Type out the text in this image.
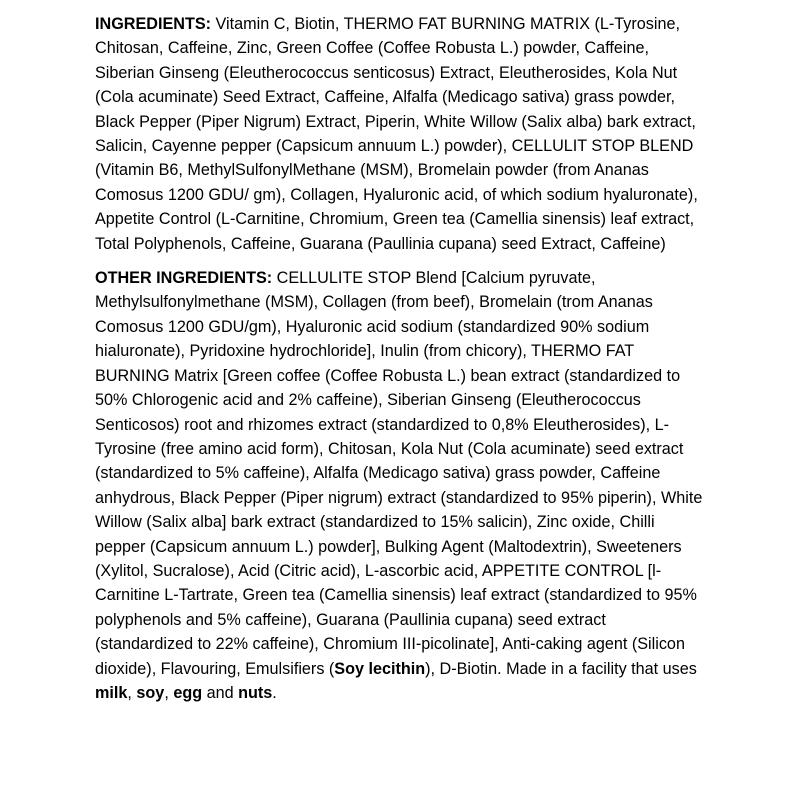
INGREDIENTS: Vitamin C, Biotin, THERMO FAT BURNING MATRIX (L-Tyrosine, Chitosan, Caffeine, Zinc, Green Coffee (Coffee Robusta L.) powder, Caffeine, Siberian Ginseng (Eleutherococcus senticosus) Extract, Eleutherosides, Kola Nut (Cola acuminate) Seed Extract, Caffeine, Alfalfa (Medicago sativa) grass powder, Black Pepper (Piper Nigrum) Extract, Piperin, White Willow (Salix alba) bark extract, Salicin, Cayenne pepper (Capsicum annuum L.) powder), CELLULIT STOP BLEND (Vitamin B6, MethylSulfonylMethane (MSM), Bromelain powder (from Ananas Comosus 1200 GDU/ gm), Collagen, Hyaluronic acid, of which sodium hyaluronate), Appetite Control (L-Carnitine, Chromium, Green tea (Camellia sinensis) leaf extract, Total Polyphenols, Caffeine, Guarana (Paullinia cupana) seed Extract, Caffeine)

OTHER INGREDIENTS: CELLULITE STOP Blend [Calcium pyruvate, Methylsulfonylmethane (MSM), Collagen (from beef), Bromelain (trom Ananas Comosus 1200 GDU/gm), Hyaluronic acid sodium (standardized 90% sodium hialuronate), Pyridoxine hydrochloride], Inulin (from chicory), THERMO FAT BURNING Matrix [Green coffee (Coffee Robusta L.) bean extract (standardized to 50% Chlorogenic acid and 2% caffeine), Siberian Ginseng (Eleutherococcus Senticosos) root and rhizomes extract (standardized to 0,8% Eleutherosides), L-Tyrosine (free amino acid form), Chitosan, Kola Nut (Cola acuminate) seed extract (standardized to 5% caffeine), Alfalfa (Medicago sativa) grass powder, Caffeine anhydrous, Black Pepper (Piper nigrum) extract (standardized to 95% piperin), White Willow (Salix alba] bark extract (standardized to 15% salicin), Zinc oxide, Chilli pepper (Capsicum annuum L.) powder], Bulking Agent (Maltodextrin), Sweeteners (Xylitol, Sucralose), Acid (Citric acid), L-ascorbic acid, APPETITE CONTROL [l-Carnitine L-Tartrate, Green tea (Camellia sinensis) leaf extract (standardized to 95% polyphenols and 5% caffeine), Guarana (Paullinia cupana) seed extract (standardized to 22% caffeine), Chromium III-picolinate], Anti-caking agent (Silicon dioxide), Flavouring, Emulsifiers (Soy lecithin), D-Biotin. Made in a facility that uses milk, soy, egg and nuts.
